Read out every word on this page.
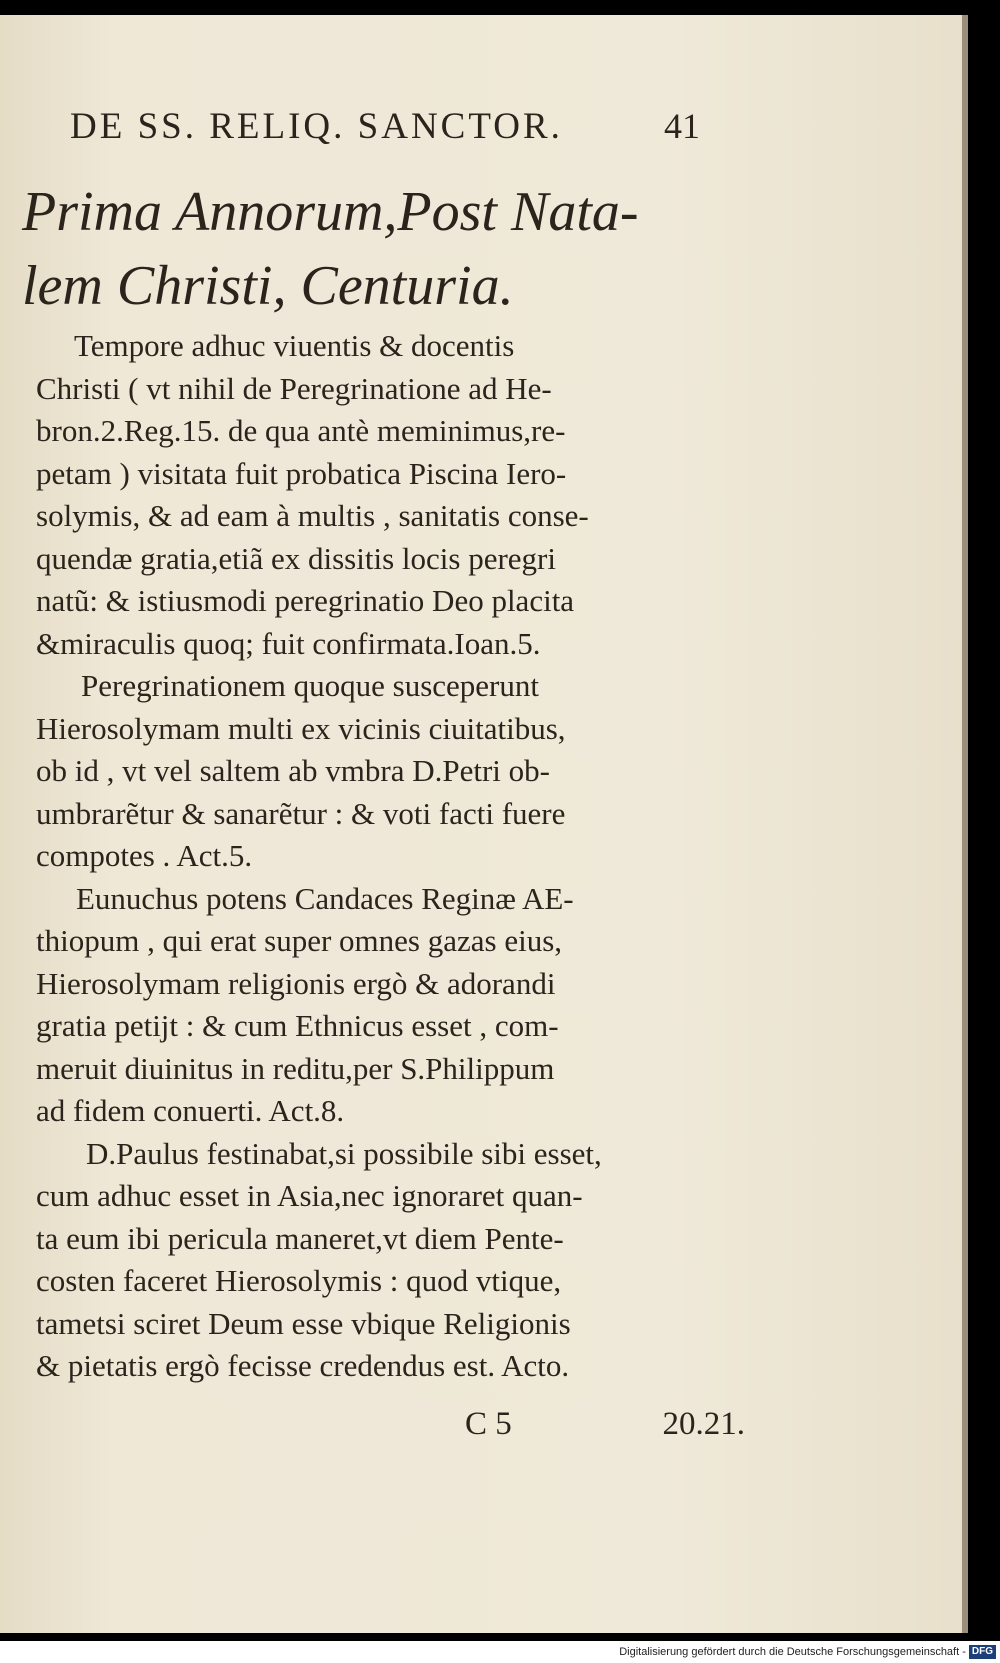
DE SS. RELIQ. SANCTOR.	41
Prima Annorum,Post Nata-
lem Christi, Centuria.
Tempore adhuc viuentis & docentis
Christi ( vt nihil de Peregrinatione ad He-
bron.2.Reg.15. de qua antè meminimus,re-
petam ) visitata fuit probatica Piscina Iero-
solymis, & ad eam à multis , sanitatis conse-
quendæ gratia,etiã ex dissitis locis peregri
natũ: & istiusmodi peregrinatio Deo placita
&miraculis quoq; fuit confirmata.Ioan.5.
Peregrinationem quoque susceperunt
Hierosolymam multi ex vicinis ciuitatibus,
ob id , vt vel saltem ab vmbra D.Petri ob-
umbrarẽtur & sanarẽtur : & voti facti fuere
compotes . Act.5.
Eunuchus potens Candaces Reginæ AE-
thiopum , qui erat super omnes gazas eius,
Hierosolymam religionis ergò & adorandi
gratia petijt : & cum Ethnicus esset , com-
meruit diuinitus in reditu,per S.Philippum
ad fidem conuerti. Act.8.
D.Paulus festinabat,si possibile sibi esset,
cum adhuc esset in Asia,nec ignoraret quan-
ta eum ibi pericula maneret,vt diem Pente-
costen faceret Hierosolymis : quod vtique,
tametsi sciret Deum esse vbique Religionis
& pietatis ergò fecisse credendus est. Acto.
C 5	20.21.
Digitalisierung gefördert durch die Deutsche Forschungsgemeinschaft - DFG
